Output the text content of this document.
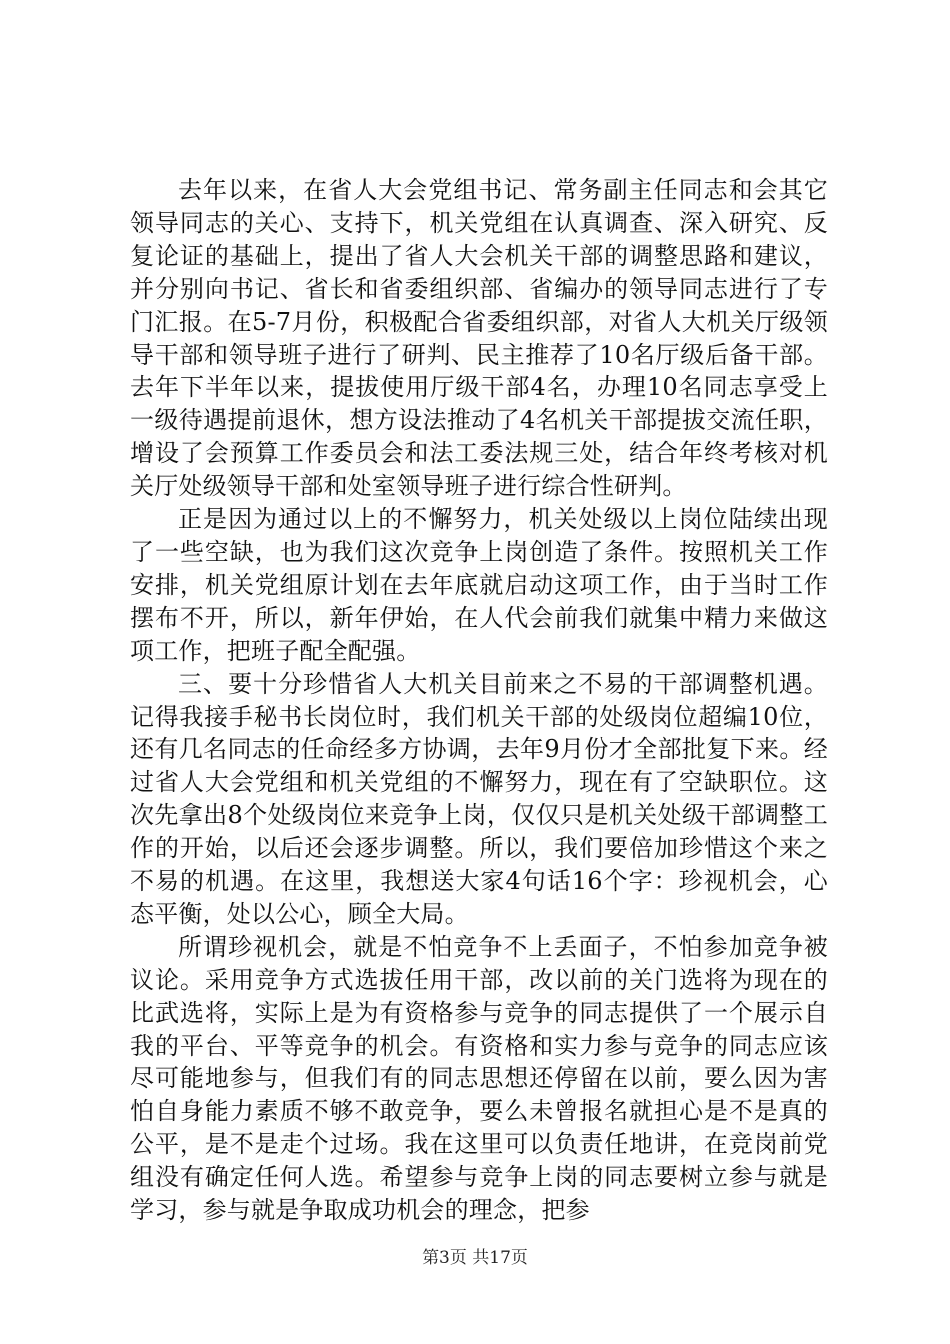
去年以来，在省人大会党组书记、常务副主任同志和会其它领导同志的关心、支持下，机关党组在认真调查、深入研究、反复论证的基础上，提出了省人大会机关干部的调整思路和建议，并分别向书记、省长和省委组织部、省编办的领导同志进行了专门汇报。在5-7月份，积极配合省委组织部，对省人大机关厅级领导干部和领导班子进行了研判、民主推荐了10名厅级后备干部。去年下半年以来，提拔使用厅级干部4名，办理10名同志享受上一级待遇提前退休，想方设法推动了4名机关干部提拔交流任职，增设了会预算工作委员会和法工委法规三处，结合年终考核对机关厅处级领导干部和处室领导班子进行综合性研判。

正是因为通过以上的不懈努力，机关处级以上岗位陆续出现了一些空缺，也为我们这次竞争上岗创造了条件。按照机关工作安排，机关党组原计划在去年底就启动这项工作，由于当时工作摆布不开，所以，新年伊始，在人代会前我们就集中精力来做这项工作，把班子配全配强。

三、要十分珍惜省人大机关目前来之不易的干部调整机遇。记得我接手秘书长岗位时，我们机关干部的处级岗位超编10位，还有几名同志的任命经多方协调，去年9月份才全部批复下来。经过省人大会党组和机关党组的不懈努力，现在有了空缺职位。这次先拿出8个处级岗位来竞争上岗，仅仅只是机关处级干部调整工作的开始，以后还会逐步调整。所以，我们要倍加珍惜这个来之不易的机遇。在这里，我想送大家4句话16个字：珍视机会，心态平衡，处以公心，顾全大局。

所谓珍视机会，就是不怕竞争不上丢面子，不怕参加竞争被议论。采用竞争方式选拔任用干部，改以前的关门选将为现在的比武选将，实际上是为有资格参与竞争的同志提供了一个展示自我的平台、平等竞争的机会。有资格和实力参与竞争的同志应该尽可能地参与，但我们有的同志思想还停留在以前，要么因为害怕自身能力素质不够不敢竞争，要么未曾报名就担心是不是真的公平，是不是走个过场。我在这里可以负责任地讲，在竞岗前党组没有确定任何人选。希望参与竞争上岗的同志要树立参与就是学习，参与就是争取成功机会的理念，把参

第3页 共17页
